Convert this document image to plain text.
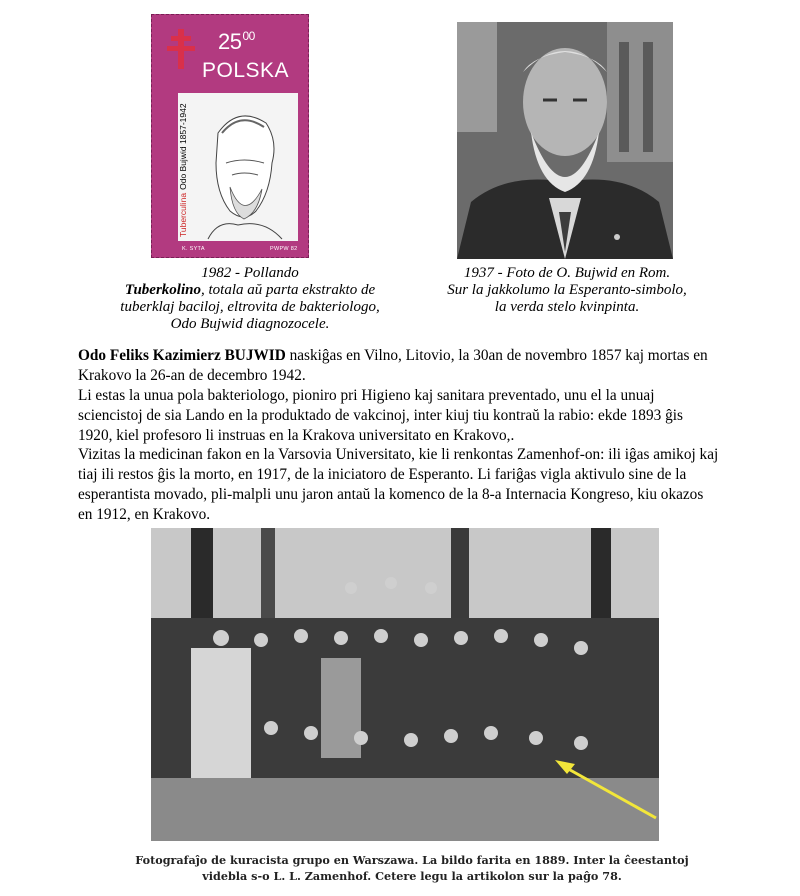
$25^{00}$
POLSKA
TuberculinaOdo Bujwid 1857-1942
K. SYTA	PWPW 82
1982 - Pollando
Tuberkolino, totala aŭ parta ekstrakto de
tuberklaj baciloj, eltrovita de bakteriologo,
Odo Bujwid diagnozocele.
1937 - Foto de O. Bujwid en Rom.
Sur la jakkolumo la Esperanto-simbolo,
la verda stelo kvinpinta.
Odo Feliks Kazimierz BUJWID naskiĝas en Vilno, Litovio, la 30an de novembro 1857 kaj mortas en Krakovo la 26-an de decembro 1942.
Li estas la unua pola bakteriologo, pioniro pri Higieno kaj sanitara preventado, unu el la unuaj sciencistoj de sia Lando en la produktado de vakcinoj, inter kiuj tiu kontraŭ la rabio: ekde 1893 ĝis 1920, kiel profesoro li instruas en la Krakova universitato en Krakovo,.
Vizitas la medicinan fakon en la Varsovia Universitato, kie li renkontas Zamenhof-on: ili iĝas amikoj kaj tiaj ili restos ĝis la morto, en 1917, de la iniciatoro de Esperanto. Li fariĝas vigla aktivulo sine de la esperantista movado, pli-malpli unu jaron antaŭ la komenco de la 8-a Internacia Kongreso, kiu okazos en 1912, en Krakovo.
Fotografaĵo de kuracista grupo en Warszawa. La bildo farita en 1889. Inter la ĉeestantoj
videbla s-o L. L. Zamenhof. Cetere legu la artikolon sur la paĝo 78.
